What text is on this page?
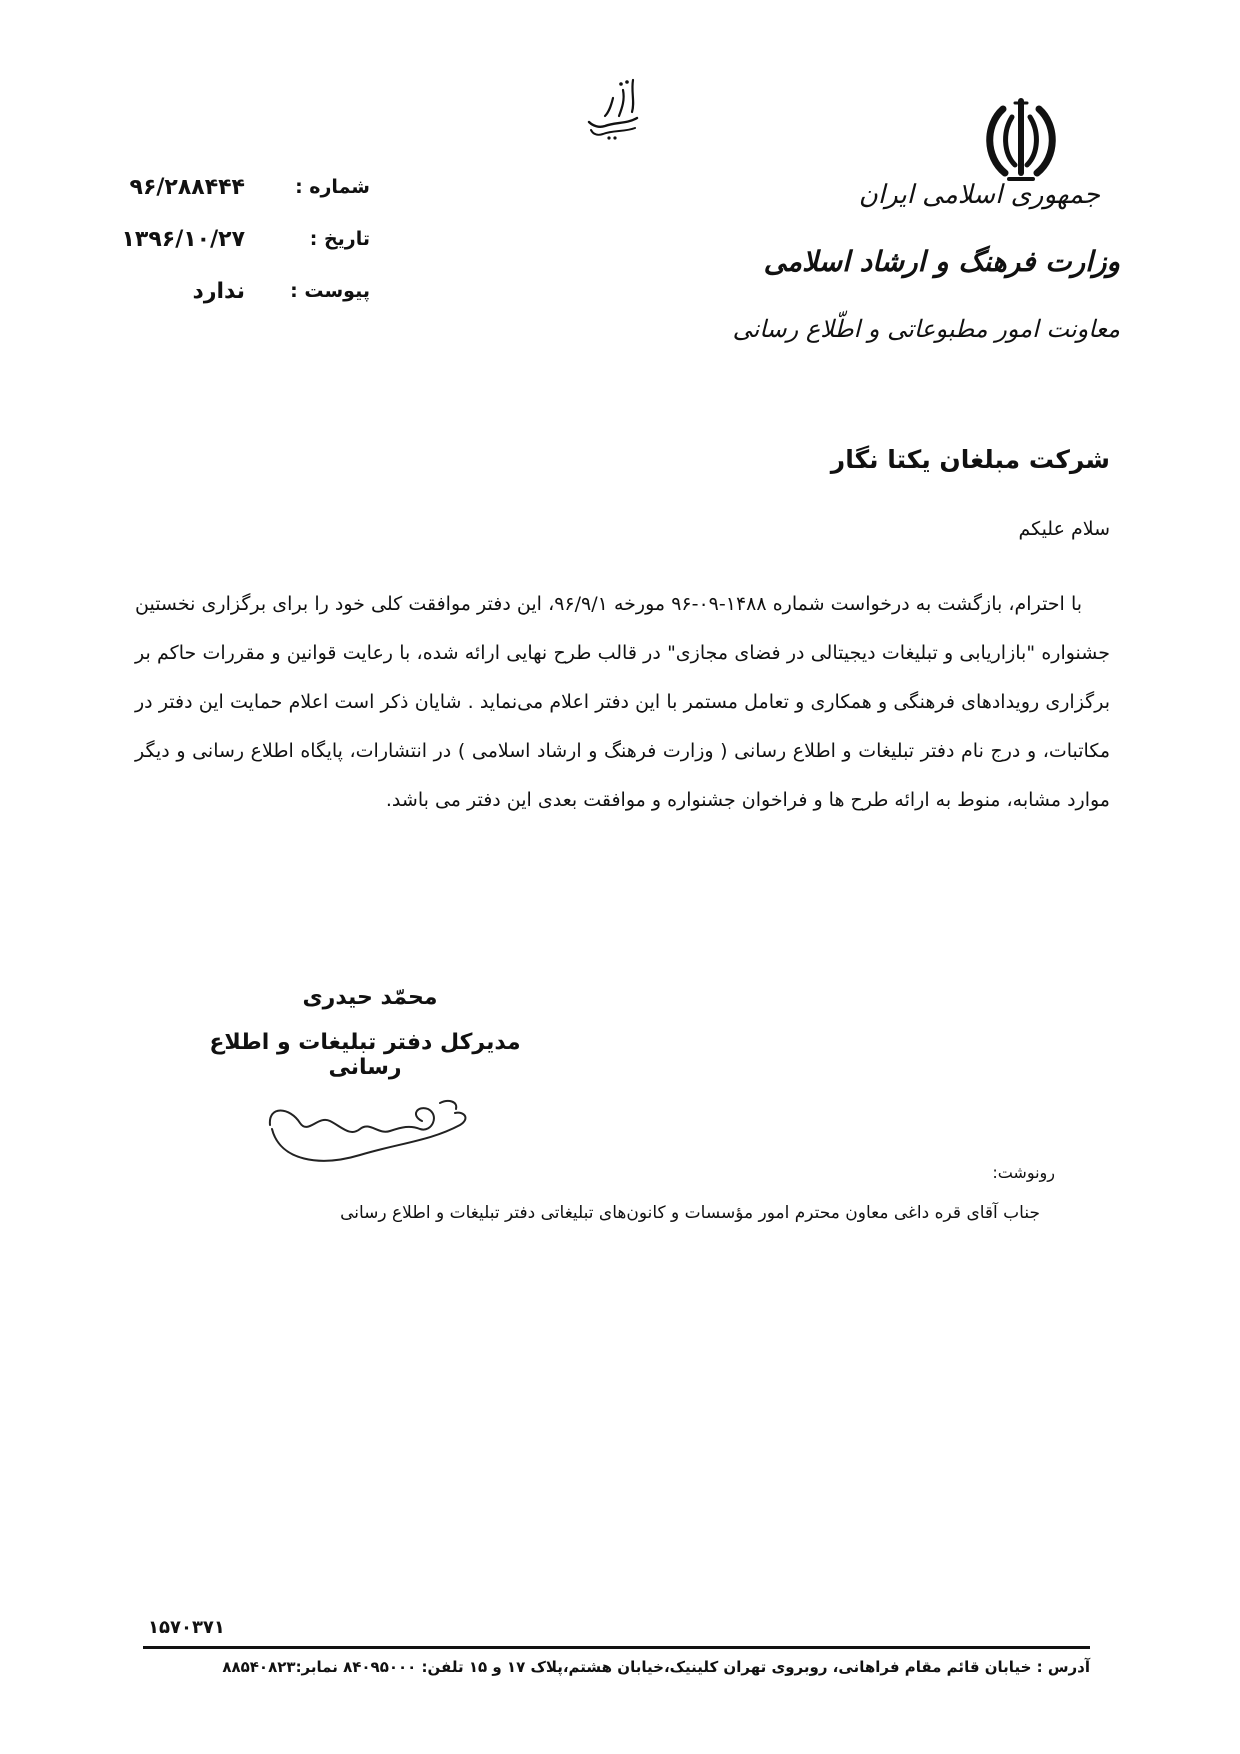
جمهوری اسلامی ایران
وزارت فرهنگ و ارشاد اسلامی
معاونت امور مطبوعاتی و اطّلاع رسانی
شماره :
۹۶/۲۸۸۴۴۴
تاریخ :
۱۳۹۶/۱۰/۲۷
پیوست :
ندارد
شرکت مبلغان یکتا نگار
سلام علیکم

با احترام، بازگشت به درخواست شماره ۱۴۸۸-۰۹-۹۶ مورخه ۹۶/۹/۱، این دفتر موافقت کلی خود را برای برگزاری نخستین جشنواره "بازاریابی و تبلیغات دیجیتالی در فضای مجازی" در قالب طرح نهایی ارائه شده، با رعایت قوانین و مقررات حاکم بر برگزاری رویدادهای فرهنگی و همکاری و تعامل مستمر با این دفتر اعلام می‌نماید . شایان ذکر است اعلام حمایت این دفتر در مکاتبات، و درج نام دفتر تبلیغات و اطلاع رسانی ( وزارت فرهنگ و ارشاد اسلامی ) در انتشارات، پایگاه اطلاع رسانی و دیگر موارد مشابه، منوط به ارائه طرح ها و فراخوان جشنواره و موافقت بعدی این دفتر می باشد.

محمّد حیدری
مدیرکل دفتر تبلیغات و اطلاع رسانی
رونوشت:
جناب آقای قره داغی معاون محترم امور مؤسسات و کانون‌های تبلیغاتی دفتر تبلیغات و اطلاع رسانی
۱۵۷۰۳۷۱
آدرس : خیابان قائم مقام فراهانی، روبروی تهران کلینیک،خیابان هشتم،پلاک ۱۷ و ۱۵ تلفن: ۸۴۰۹۵۰۰۰ نمابر:۸۸۵۴۰۸۲۳
